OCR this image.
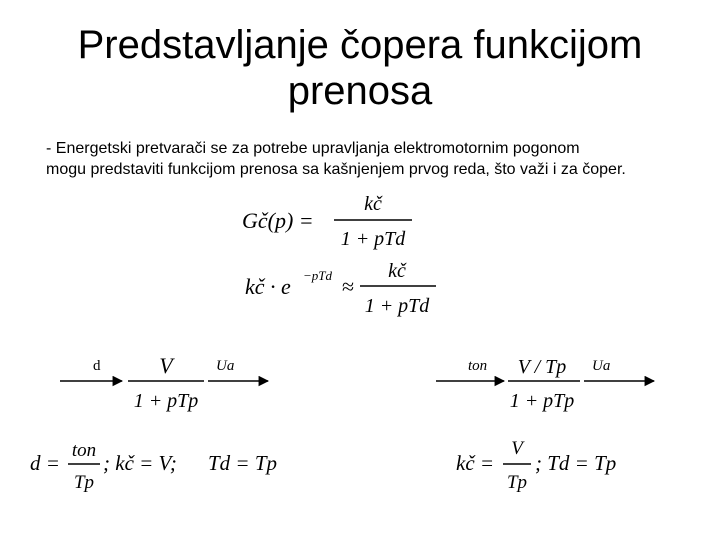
Predstavljanje čopera funkcijom
prenosa
- Energetski pretvarači se za potrebe upravljanja elektromotornim pogonom
mogu predstaviti funkcijom prenosa sa kašnjenjem prvog reda, što važi i za čoper.
Gč(p) =
kč
1 + pTd
kč · e −pTd ≈
kč
1 + pTd
d	V
1 + pTp
Ua	ton V / Tp
1 + pTp
Ua
d =
ton
Tp
; kč = V; Td = Tp	kč =
V
Tp
; Td = Tp
